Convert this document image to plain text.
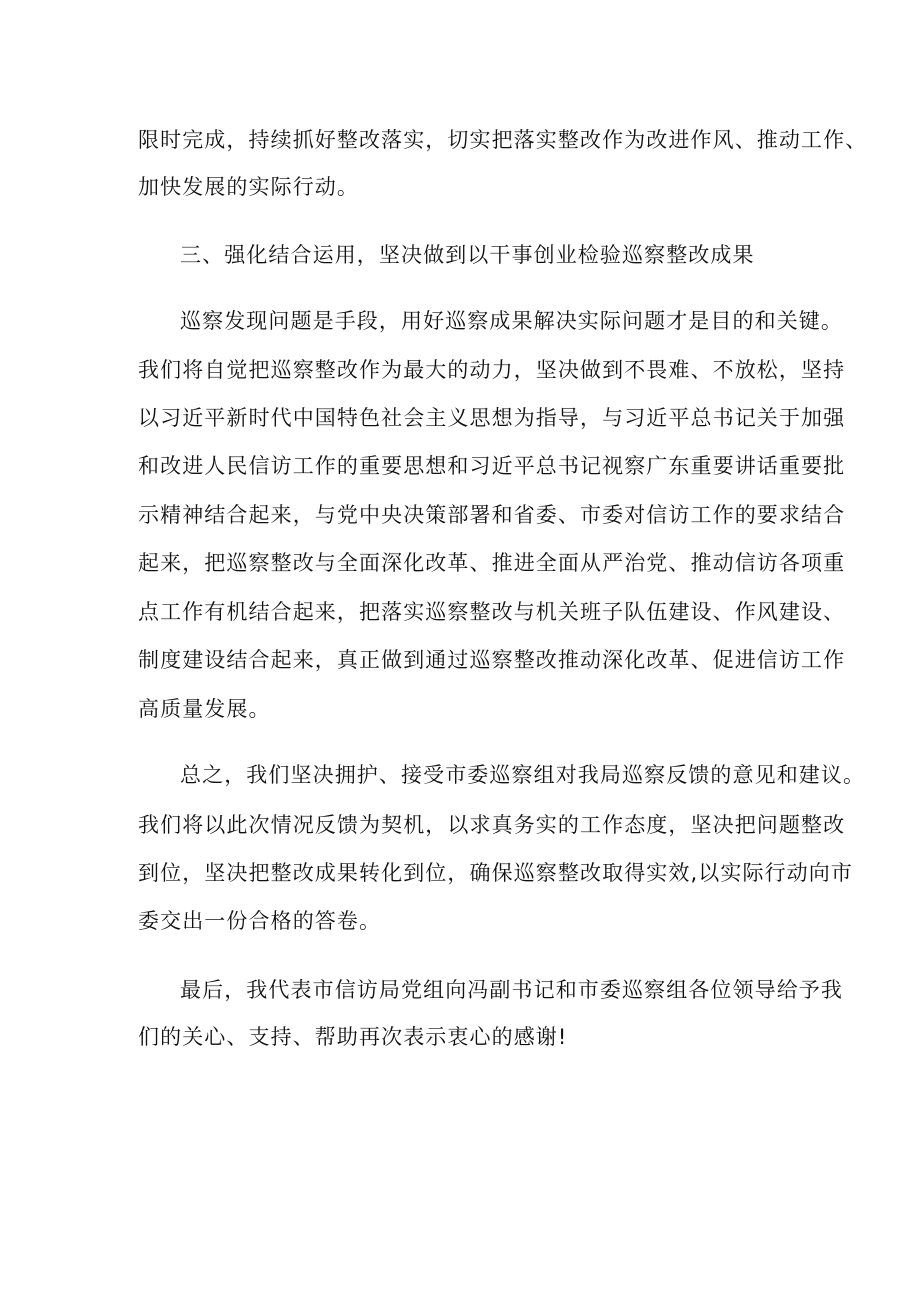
限时完成，持续抓好整改落实，切实把落实整改作为改进作风、推动工作、
加快发展的实际行动。
三、强化结合运用，坚决做到以干事创业检验巡察整改成果
巡察发现问题是手段，用好巡察成果解决实际问题才是目的和关键。
我们将自觉把巡察整改作为最大的动力，坚决做到不畏难、不放松，坚持
以习近平新时代中国特色社会主义思想为指导，与习近平总书记关于加强
和改进人民信访工作的重要思想和习近平总书记视察广东重要讲话重要批
示精神结合起来，与党中央决策部署和省委、市委对信访工作的要求结合
起来，把巡察整改与全面深化改革、推进全面从严治党、推动信访各项重
点工作有机结合起来，把落实巡察整改与机关班子队伍建设、作风建设、
制度建设结合起来，真正做到通过巡察整改推动深化改革、促进信访工作
高质量发展。
总之，我们坚决拥护、接受市委巡察组对我局巡察反馈的意见和建议。
我们将以此次情况反馈为契机，以求真务实的工作态度，坚决把问题整改
到位，坚决把整改成果转化到位，确保巡察整改取得实效,以实际行动向市
委交出一份合格的答卷。
最后，我代表市信访局党组向冯副书记和市委巡察组各位领导给予我
们的关心、支持、帮助再次表示衷心的感谢!
